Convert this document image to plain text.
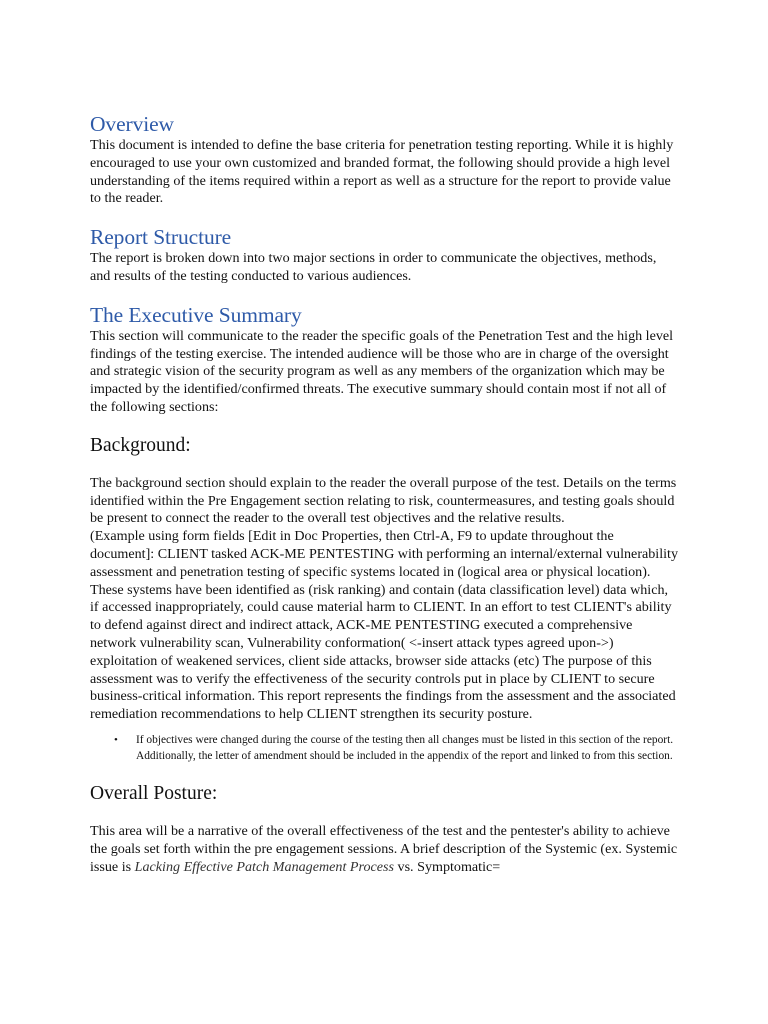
Overview

This document is intended to define the base criteria for penetration testing reporting. While it is highly encouraged to use your own customized and branded format, the following should provide a high level understanding of the items required within a report as well as a structure for the report to provide value to the reader.

Report Structure

The report is broken down into two major sections in order to communicate the objectives, methods, and results of the testing conducted to various audiences.

The Executive Summary

This section will communicate to the reader the specific goals of the Penetration Test and the high level findings of the testing exercise. The intended audience will be those who are in charge of the oversight and strategic vision of the security program as well as any members of the organization which may be impacted by the identified/confirmed threats. The executive summary should contain most if not all of the following sections:

Background:

The background section should explain to the reader the overall purpose of the test. Details on the terms identified within the Pre Engagement section relating to risk, countermeasures, and testing goals should be present to connect the reader to the overall test objectives and the relative results.

(Example using form fields [Edit in Doc Properties, then Ctrl-A, F9 to update throughout the document]: CLIENT tasked ACK-ME PENTESTING with performing an internal/external vulnerability assessment and penetration testing of specific systems located in (logical area or physical location). These systems have been identified as (risk ranking) and contain (data classification level) data which, if accessed inappropriately, could cause material harm to CLIENT. In an effort to test CLIENT's ability to defend against direct and indirect attack, ACK-ME PENTESTING executed a comprehensive network vulnerability scan, Vulnerability conformation( <-insert attack types agreed upon->) exploitation of weakened services, client side attacks, browser side attacks (etc) The purpose of this assessment was to verify the effectiveness of the security controls put in place by CLIENT to secure business-critical information. This report represents the findings from the assessment and the associated remediation recommendations to help CLIENT strengthen its security posture.

• If objectives were changed during the course of the testing then all changes must be listed in this section of the report. Additionally, the letter of amendment should be included in the appendix of the report and linked to from this section.
Overall Posture:

This area will be a narrative of the overall effectiveness of the test and the pentester's ability to achieve the goals set forth within the pre engagement sessions. A brief description of the Systemic (ex. Systemic issue is Lacking Effective Patch Management Process vs. Symptomatic=
